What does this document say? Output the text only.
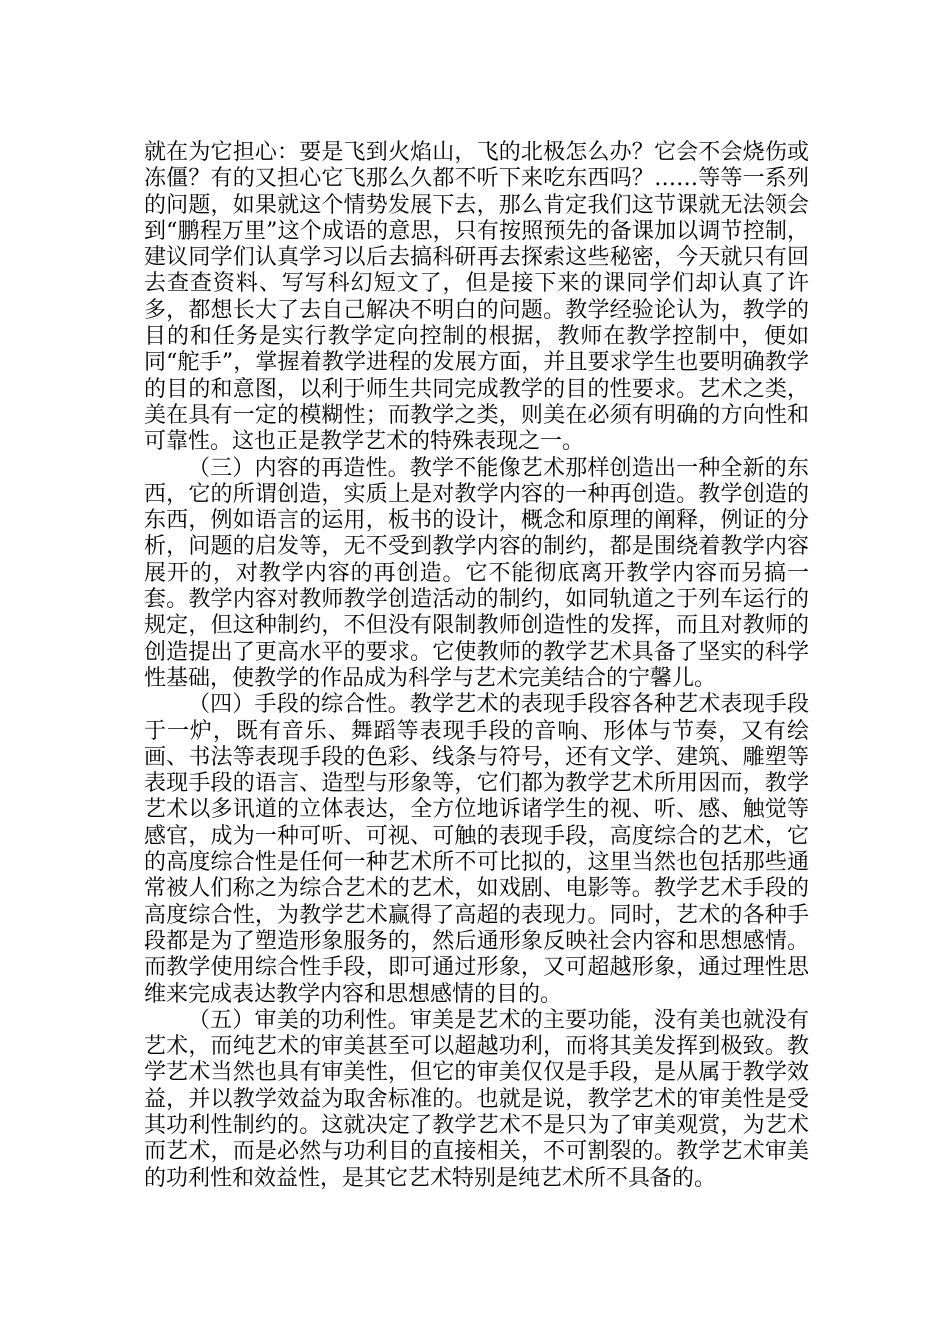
就在为它担心：要是飞到火焰山，飞的北极怎么办？它会不会烧伤或冻僵？有的又担心它飞那么久都不听下来吃东西吗？……等等一系列的问题，如果就这个情势发展下去，那么肯定我们这节课就无法领会到“鹏程万里”这个成语的意思，只有按照预先的备课加以调节控制，建议同学们认真学习以后去搞科研再去探索这些秘密，今天就只有回去查查资料、写写科幻短文了，但是接下来的课同学们却认真了许多，都想长大了去自己解决不明白的问题。教学经验论认为，教学的目的和任务是实行教学定向控制的根据，教师在教学控制中，便如同“舵手”，掌握着教学进程的发展方面，并且要求学生也要明确教学的目的和意图，以利于师生共同完成教学的目的性要求。艺术之类，美在具有一定的模糊性；而教学之类，则美在必须有明确的方向性和可靠性。这也正是教学艺术的特殊表现之一。

（三）内容的再造性。教学不能像艺术那样创造出一种全新的东西，它的所谓创造，实质上是对教学内容的一种再创造。教学创造的东西，例如语言的运用，板书的设计，概念和原理的阐释，例证的分析，问题的启发等，无不受到教学内容的制约，都是围绕着教学内容展开的，对教学内容的再创造。它不能彻底离开教学内容而另搞一套。教学内容对教师教学创造活动的制约，如同轨道之于列车运行的规定，但这种制约，不但没有限制教师创造性的发挥，而且对教师的创造提出了更高水平的要求。它使教师的教学艺术具备了坚实的科学性基础，使教学的作品成为科学与艺术完美结合的宁馨儿。

（四）手段的综合性。教学艺术的表现手段容各种艺术表现手段于一炉，既有音乐、舞蹈等表现手段的音响、形体与节奏，又有绘画、书法等表现手段的色彩、线条与符号，还有文学、建筑、雕塑等表现手段的语言、造型与形象等，它们都为教学艺术所用因而，教学艺术以多讯道的立体表达，全方位地诉诸学生的视、听、感、触觉等感官，成为一种可听、可视、可触的表现手段，高度综合的艺术，它的高度综合性是任何一种艺术所不可比拟的，这里当然也包括那些通常被人们称之为综合艺术的艺术，如戏剧、电影等。教学艺术手段的高度综合性，为教学艺术赢得了高超的表现力。同时，艺术的各种手段都是为了塑造形象服务的，然后通形象反映社会内容和思想感情。而教学使用综合性手段，即可通过形象，又可超越形象，通过理性思维来完成表达教学内容和思想感情的目的。

（五）审美的功利性。审美是艺术的主要功能，没有美也就没有艺术，而纯艺术的审美甚至可以超越功利，而将其美发挥到极致。教学艺术当然也具有审美性，但它的审美仅仅是手段，是从属于教学效益，并以教学效益为取舍标准的。也就是说，教学艺术的审美性是受其功利性制约的。这就决定了教学艺术不是只为了审美观赏，为艺术而艺术，而是必然与功利目的直接相关，不可割裂的。教学艺术审美的功利性和效益性，是其它艺术特别是纯艺术所不具备的。
